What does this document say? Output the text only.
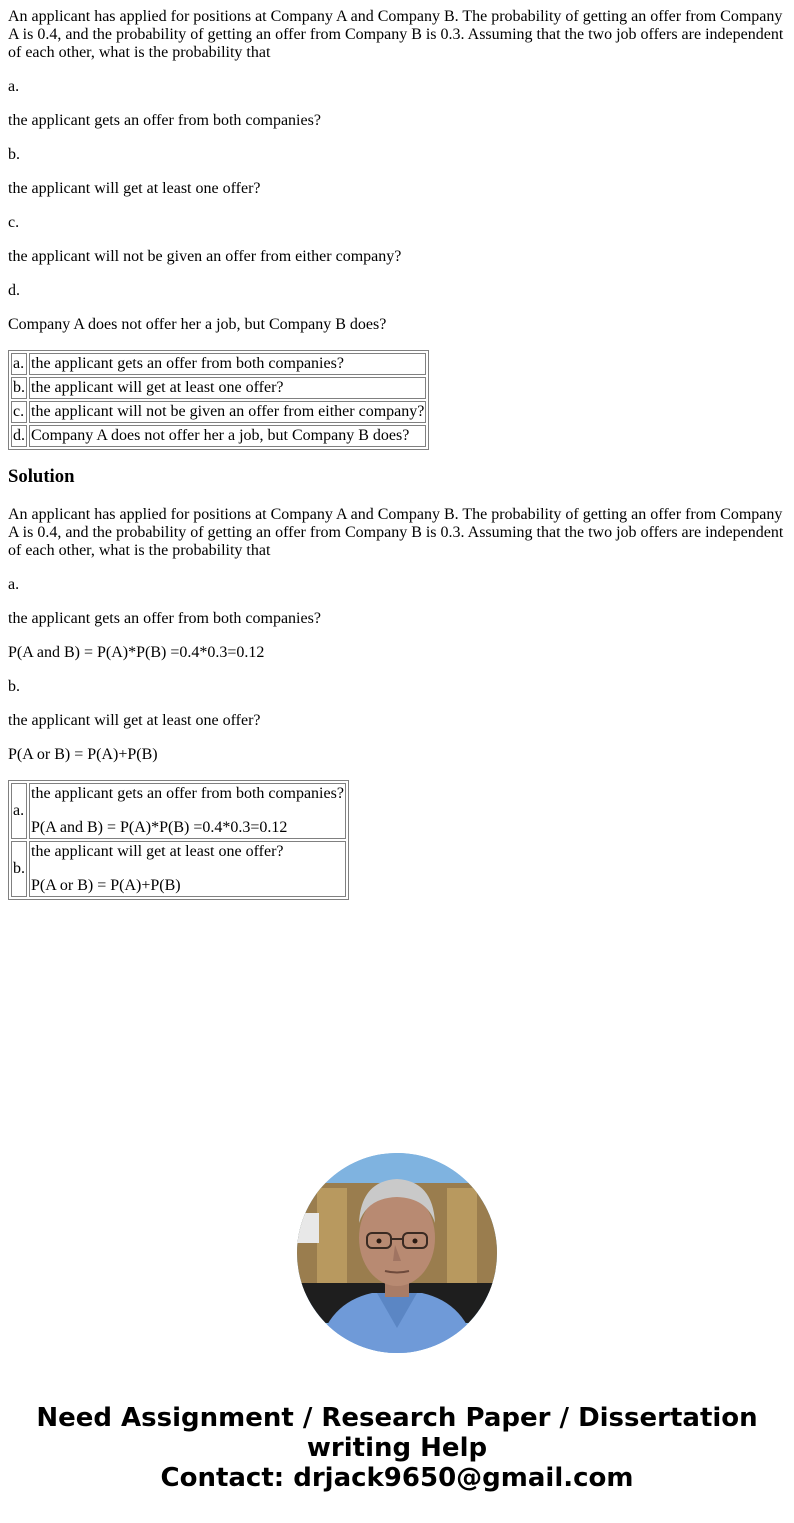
An applicant has applied for positions at Company A and Company B. The probability of getting an offer from Company A is 0.4, and the probability of getting an offer from Company B is 0.3. Assuming that the two job offers are independent of each other, what is the probability that

a.

the applicant gets an offer from both companies?

b.

the applicant will get at least one offer?

c.

the applicant will not be given an offer from either company?

d.

Company A does not offer her a job, but Company B does?

a.	the applicant gets an offer from both companies?
b.	the applicant will get at least one offer?
c.	the applicant will not be given an offer from either company?
d.	Company A does not offer her a job, but Company B does?
Solution

An applicant has applied for positions at Company A and Company B. The probability of getting an offer from Company A is 0.4, and the probability of getting an offer from Company B is 0.3. Assuming that the two job offers are independent of each other, what is the probability that

a.

the applicant gets an offer from both companies?

P(A and B) = P(A)*P(B) =0.4*0.3=0.12

b.

the applicant will get at least one offer?

P(A or B) = P(A)+P(B)

a.	the applicant gets an offer from both companies?

P(A and B) = P(A)*P(B) =0.4*0.3=0.12

b.	the applicant will get at least one offer?

P(A or B) = P(A)+P(B)

Need Assignment / Research Paper / Dissertation
writing Help
Contact: drjack9650@gmail.com
